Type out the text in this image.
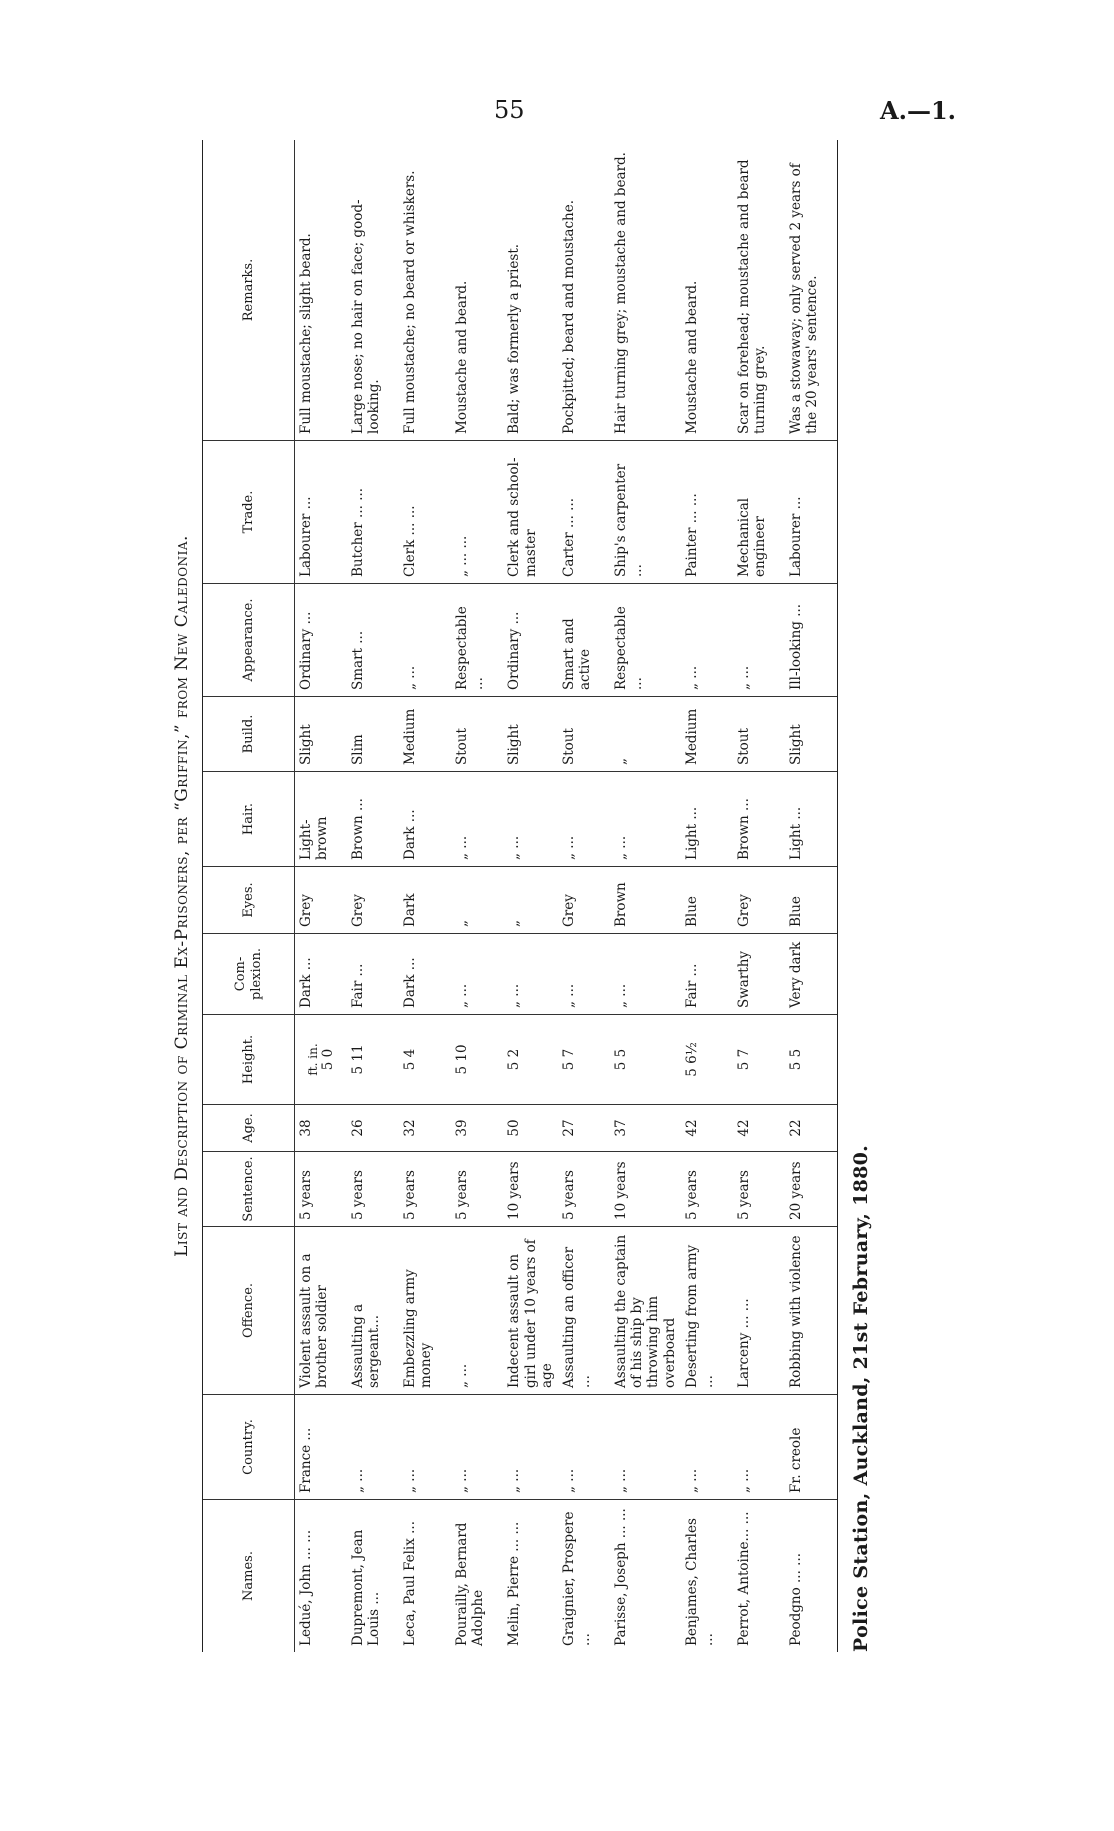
55	A.—1.
List and Description of Criminal Ex-Prisoners, per “Griffin,” from New Caledonia.
Names.
Country.
Offence.
Sentence.
Age.
Height.
Com-plexion.
Eyes.
Hair.
Build.
Appearance.
Trade.
Remarks.
Ledué, John ... ...
France ...
Violent assault on a brother soldier
5 years
38
ft. in. 5 0
Dark ...
Grey
Light-brown
Slight
Ordinary ...
Labourer ...
Full moustache; slight beard.
Dupremont, Jean Louis ...
„ ...
Assaulting a sergeant...
5 years
26
5 11
Fair ...
Grey
Brown ...
Slim
Smart ...
Butcher ... ...
Large nose; no hair on face; good-looking.
Leca, Paul Felix ...
„ ...
Embezzling army money
5 years
32
5 4
Dark ...
Dark
Dark ...
Medium
„ ...
Clerk ... ...
Full moustache; no beard or whiskers.
Pourailly, Bernard Adolphe
„ ...
„ ...
5 years
39
5 10
„ ...
„
„ ...
Stout
Respectable ...
„ ... ...
Moustache and beard.
Melin, Pierre ... ...
„ ...
Indecent assault on girl under 10 years of age
10 years
50
5 2
„ ...
„
„ ...
Slight
Ordinary ...
Clerk and school-master
Bald; was formerly a priest.
Graignier, Prospere ...
„ ...
Assaulting an officer ...
5 years
27
5 7
„ ...
Grey
„ ...
Stout
Smart and active
Carter ... ...
Pockpitted; beard and moustache.
Parisse, Joseph ... ...
„ ...
Assaulting the captain of his ship by throwing him overboard
10 years
37
5 5
„ ...
Brown
„ ...
„
Respectable ...
Ship's carpenter ...
Hair turning grey; moustache and beard.
Benjames, Charles ...
„ ...
Deserting from army ...
5 years
42
5 6½
Fair ...
Blue
Light ...
Medium
„ ...
Painter ... ...
Moustache and beard.
Perrot, Antoine... ...
„ ...
Larceny ... ...
5 years
42
5 7
Swarthy
Grey
Brown ...
Stout
„ ...
Mechanical engineer
Scar on forehead; moustache and beard turning grey.
Peodgno ... ...
Fr. creole
Robbing with violence
20 years
22
5 5
Very dark
Blue
Light ...
Slight
Ill-looking ...
Labourer ...
Was a stowaway; only served 2 years of the 20 years' sentence.
Police Station, Auckland, 21st February, 1880.
